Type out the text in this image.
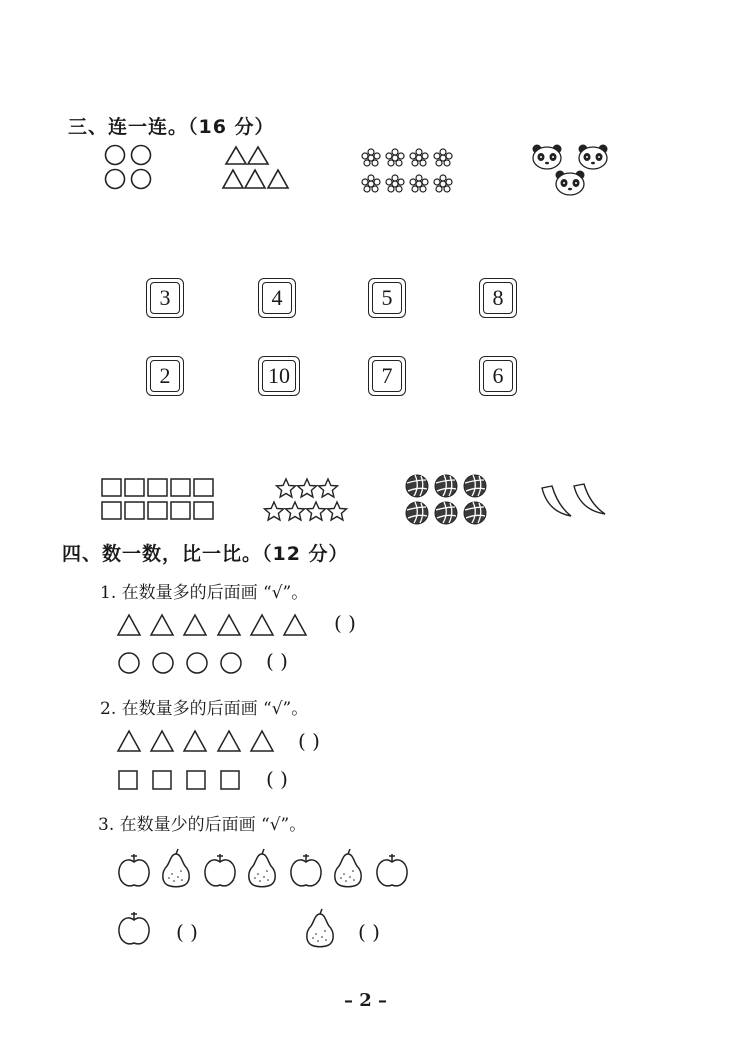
三、连一连。（16 分）
3	4	5	8
2	10	7	6
四、数一数，比一比。（12 分）
1. 在数量多的后面画 “√”。
( )
( )
2. 在数量多的后面画 “√”。
( )
( )
3. 在数量少的后面画 “√”。
( )	( )
– 2 –
